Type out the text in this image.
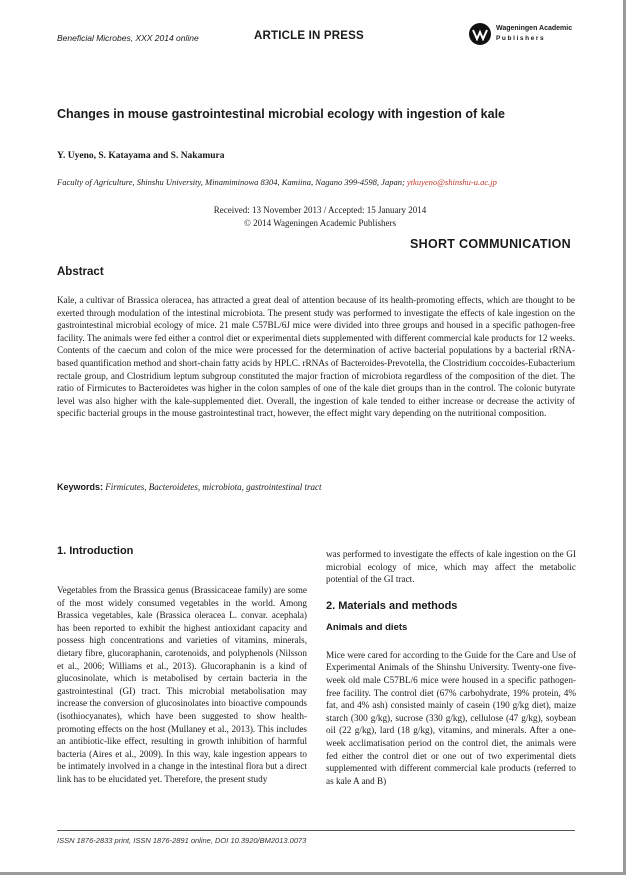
Beneficial Microbes, XXX 2014 online	ARTICLE IN PRESS
Wageningen Academic
Publishers
Changes in mouse gastrointestinal microbial ecology with ingestion of kale
Y. Uyeno, S. Katayama and S. Nakamura
Faculty of Agriculture, Shinshu University, Minamiminowa 8304, Kamiina, Nagano 399-4598, Japan; ytkuyeno@shinshu-u.ac.jp
Received: 13 November 2013 / Accepted: 15 January 2014
© 2014 Wageningen Academic Publishers
SHORT COMMUNICATION
Abstract

Kale, a cultivar of Brassica oleracea, has attracted a great deal of attention because of its health-promoting effects, which are thought to be exerted through modulation of the intestinal microbiota. The present study was performed to investigate the effects of kale ingestion on the gastrointestinal microbial ecology of mice. 21 male C57BL/6J mice were divided into three groups and housed in a specific pathogen-free facility. The animals were fed either a control diet or experimental diets supplemented with different commercial kale products for 12 weeks. Contents of the caecum and colon of the mice were processed for the determination of active bacterial populations by a bacterial rRNA-based quantification method and short-chain fatty acids by HPLC. rRNAs of Bacteroides-Prevotella, the Clostridium coccoides-Eubacterium rectale group, and Clostridium leptum subgroup constituted the major fraction of microbiota regardless of the composition of the diet. The ratio of Firmicutes to Bacteroidetes was higher in the colon samples of one of the kale diet groups than in the control. The colonic butyrate level was also higher with the kale-supplemented diet. Overall, the ingestion of kale tended to either increase or decrease the activity of specific bacterial groups in the mouse gastrointestinal tract, however, the effect might vary depending on the nutritional composition.

Keywords: Firmicutes, Bacteroidetes, microbiota, gastrointestinal tract
1. Introduction

Vegetables from the Brassica genus (Brassicaceae family) are some of the most widely consumed vegetables in the world. Among Brassica vegetables, kale (Brassica oleracea L. convar. acephala) has been reported to exhibit the highest antioxidant capacity and possess high concentrations and varieties of vitamins, minerals, dietary fibre, glucoraphanin, carotenoids, and polyphenols (Nilsson et al., 2006; Williams et al., 2013). Glucoraphanin is a kind of glucosinolate, which is metabolised by certain bacteria in the gastrointestinal (GI) tract. This microbial metabolisation may increase the conversion of glucosinolates into bioactive compounds (isothiocyanates), which have been suggested to show health-promoting effects on the host (Mullaney et al., 2013). This includes an antibiotic-like effect, resulting in growth inhibition of harmful bacteria (Aires et al., 2009). In this way, kale ingestion appears to be intimately involved in a change in the intestinal flora but a direct link has to be elucidated yet. Therefore, the present study

was performed to investigate the effects of kale ingestion on the GI microbial ecology of mice, which may affect the metabolic potential of the GI tract.

2. Materials and methods
Animals and diets

Mice were cared for according to the Guide for the Care and Use of Experimental Animals of the Shinshu University. Twenty-one five-week old male C57BL/6 mice were housed in a specific pathogen-free facility. The control diet (67% carbohydrate, 19% protein, 4% fat, and 4% ash) consisted mainly of casein (190 g/kg diet), maize starch (300 g/kg), sucrose (330 g/kg), cellulose (47 g/kg), soybean oil (22 g/kg), lard (18 g/kg), vitamins, and minerals. After a one-week acclimatisation period on the control diet, the animals were fed either the control diet or one out of two experimental diets supplemented with different commercial kale products (referred to as kale A and B)

ISSN 1876-2833 print, ISSN 1876-2891 online, DOI 10.3920/BM2013.0073
